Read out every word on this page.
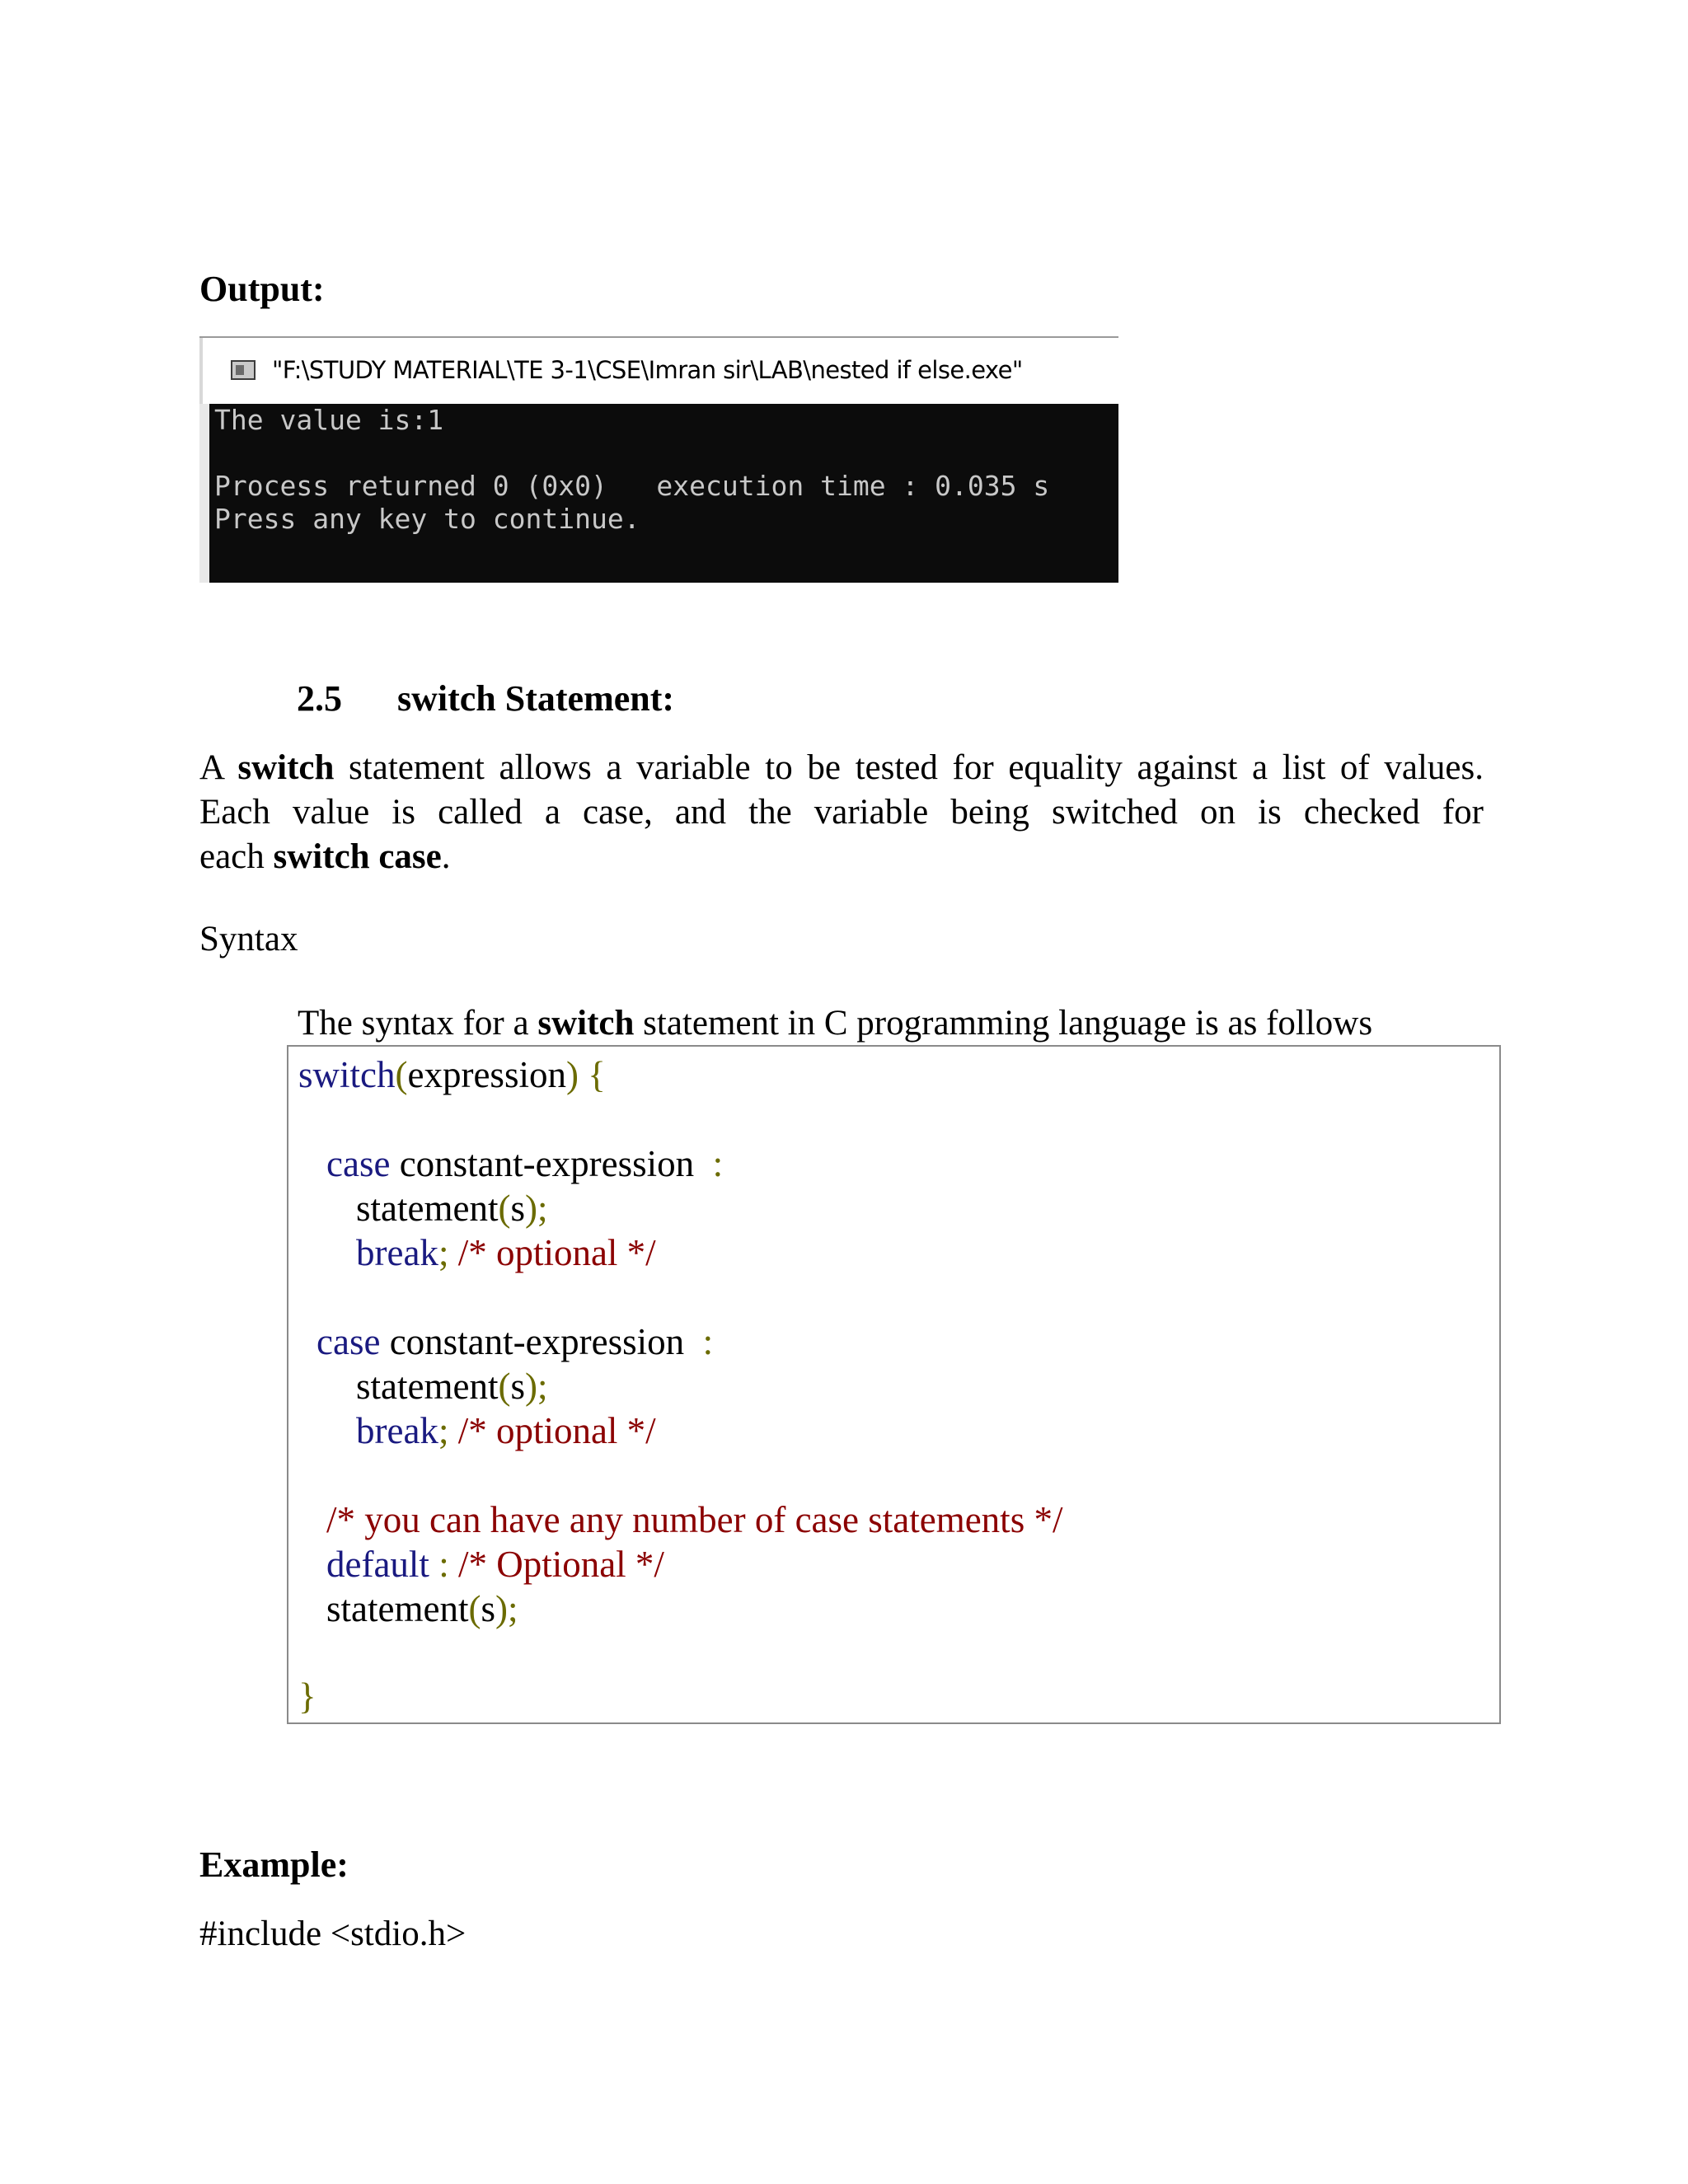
Output:
"F:\STUDY MATERIAL\TE 3-1\CSE\Imran sir\LAB\nested if else.exe"
The value is:1
Process returned 0 (0x0)   execution time : 0.035 s
Press any key to continue.
2.5 switch Statement:
A switch statement allows a variable to be tested for equality against a list of values.
Each value is called a case, and the variable being switched on is checked for
each switch case.
Syntax
The syntax for a switch statement in C programming language is as follows
switch(expression) {
case constant-expression  :
statement(s);
break; /* optional */
case constant-expression  :
statement(s);
break; /* optional */
/* you can have any number of case statements */
default : /* Optional */
statement(s);
}
Example:
#include <stdio.h>
